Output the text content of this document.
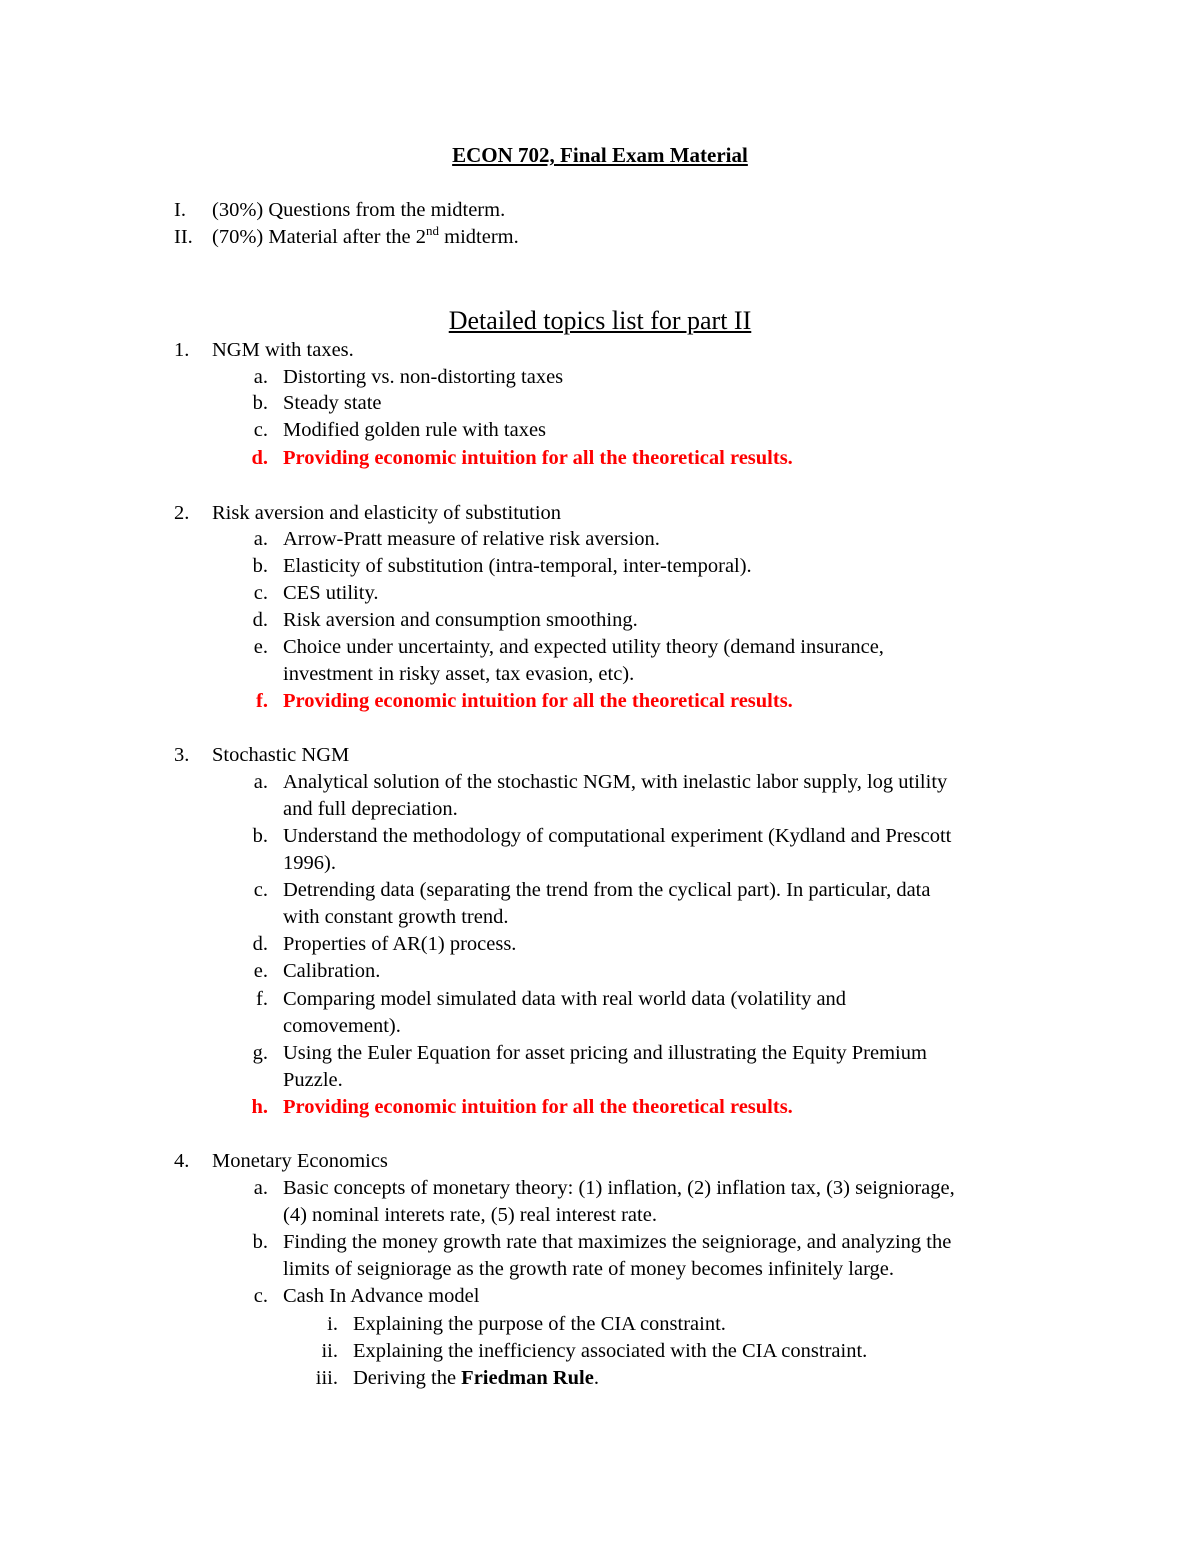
ECON 702, Final Exam Material
I.	(30%) Questions from the midterm.
II. (70%) Material after the 2nd midterm.
Detailed topics list for part II
1. NGM with taxes.
a. Distorting vs. non-distorting taxes
b. Steady state
c. Modified golden rule with taxes
d. Providing economic intuition for all the theoretical results.
2. Risk aversion and elasticity of substitution
a. Arrow-Pratt measure of relative risk aversion.
b. Elasticity of substitution (intra-temporal, inter-temporal).
c. CES utility.
d. Risk aversion and consumption smoothing.
e. Choice under uncertainty, and expected utility theory (demand insurance,
investment in risky asset, tax evasion, etc).
f. Providing economic intuition for all the theoretical results.
3. Stochastic NGM
a. Analytical solution of the stochastic NGM, with inelastic labor supply, log utility
and full depreciation.
b. Understand the methodology of computational experiment (Kydland and Prescott
1996).
c. Detrending data (separating the trend from the cyclical part). In particular, data
with constant growth trend.
d. Properties of AR(1) process.
e. Calibration.
f. Comparing model simulated data with real world data (volatility and
comovement).
g. Using the Euler Equation for asset pricing and illustrating the Equity Premium
Puzzle.
h. Providing economic intuition for all the theoretical results.
4. Monetary Economics
a. Basic concepts of monetary theory: (1) inflation, (2) inflation tax, (3) seigniorage,
(4) nominal interets rate, (5) real interest rate.
b. Finding the money growth rate that maximizes the seigniorage, and analyzing the
limits of seigniorage as the growth rate of money becomes infinitely large.
c. Cash In Advance model
i. Explaining the purpose of the CIA constraint.
ii. Explaining the inefficiency associated with the CIA constraint.
iii. Deriving the Friedman Rule.
